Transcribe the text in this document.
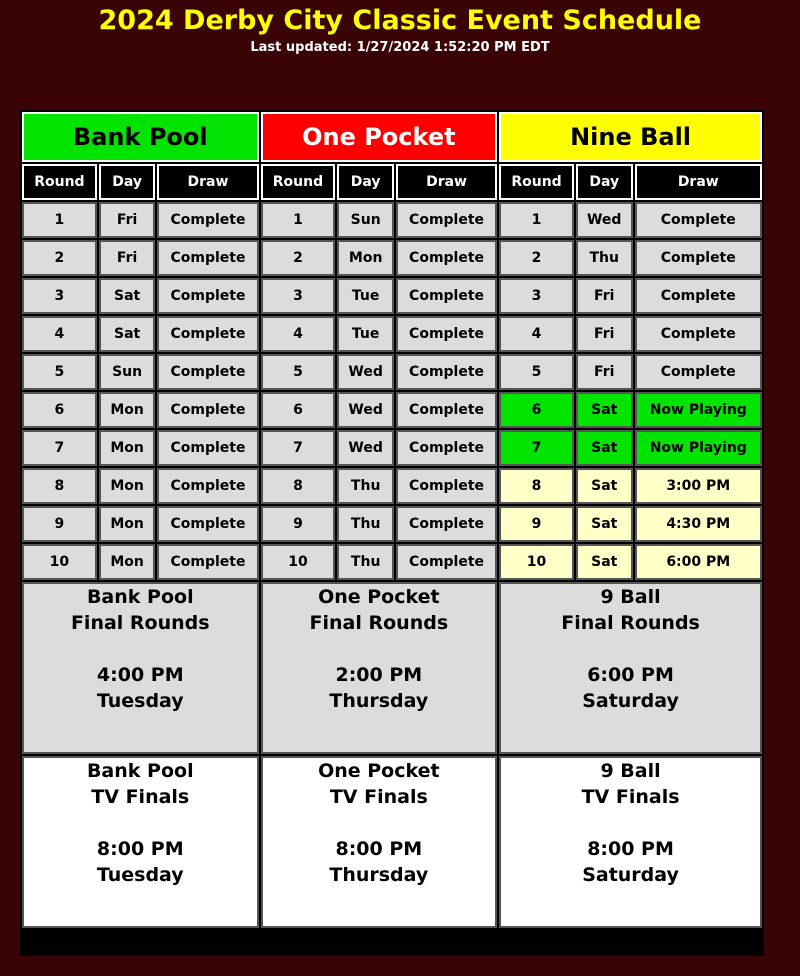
2024 Derby City Classic Event Schedule
Last updated: 1/27/2024 1:52:20 PM EDT
Bank Pool			One Pocket			Nine Ball		
Round	Day	Draw	Round	Day	Draw	Round	Day	Draw
1	Fri	Complete	1	Sun	Complete	1	Wed	Complete
2	Fri	Complete	2	Mon	Complete	2	Thu	Complete
3	Sat	Complete	3	Tue	Complete	3	Fri	Complete
4	Sat	Complete	4	Tue	Complete	4	Fri	Complete
5	Sun	Complete	5	Wed	Complete	5	Fri	Complete
6	Mon	Complete	6	Wed	Complete	6	Sat	Now Playing
7	Mon	Complete	7	Wed	Complete	7	Sat	Now Playing
8	Mon	Complete	8	Thu	Complete	8	Sat	3:00 PM
9	Mon	Complete	9	Thu	Complete	9	Sat	4:30 PM
10	Mon	Complete	10	Thu	Complete	10	Sat	6:00 PM

Bank Pool
Final Rounds
4:00 PM
Tuesday			One Pocket
Final Rounds
2:00 PM
Thursday			9 Ball
Final Rounds
6:00 PM
Saturday		

Bank Pool
TV Finals
8:00 PM
Tuesday			One Pocket
TV Finals
8:00 PM
Thursday			9 Ball
TV Finals
8:00 PM
Saturday		
